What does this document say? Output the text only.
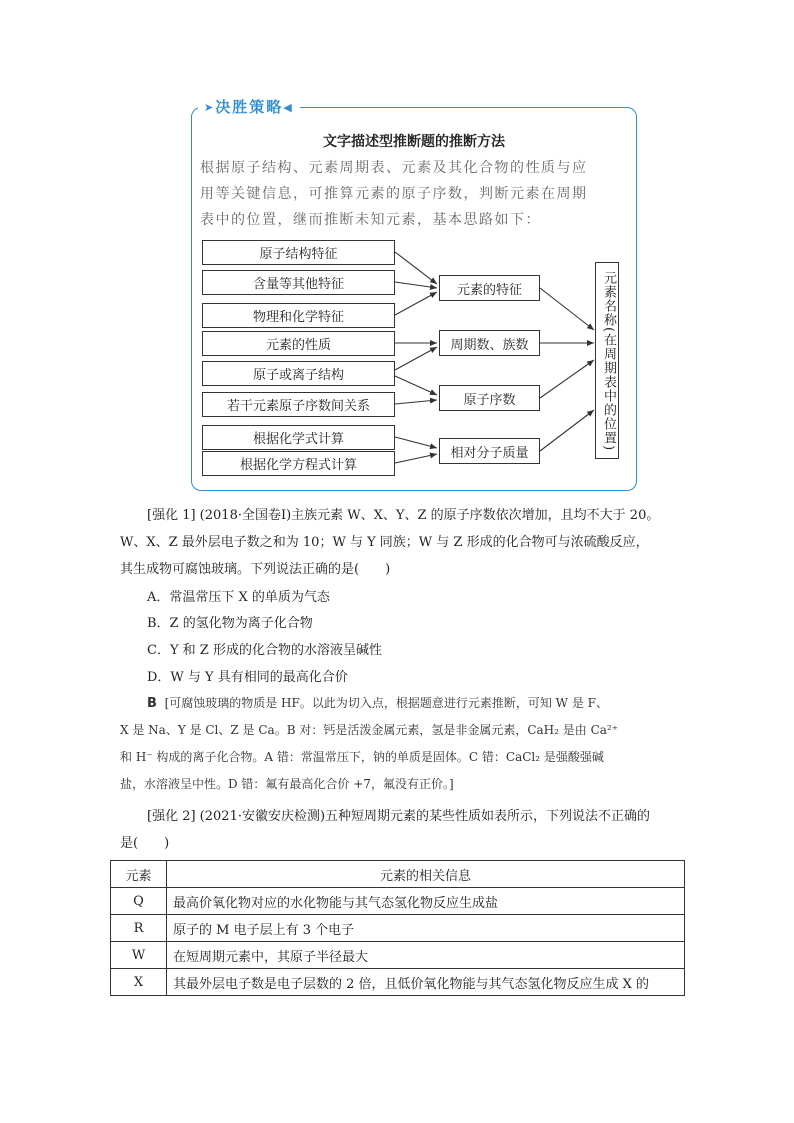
➤决胜策略◀
文字描述型推断题的推断方法
根据原子结构、元素周期表、元素及其化合物的性质与应
用等关键信息，可推算元素的原子序数，判断元素在周期
表中的位置，继而推断未知元素，基本思路如下：
原子结构特征
含量等其他特征
物理和化学特征
元素的性质
原子或离子结构
若干元素原子序数间关系
根据化学式计算
根据化学方程式计算
元素的特征
周期数、族数
原子序数
相对分子质量
元素名称(在周期表中的位置)
[强化 1] (2018·全国卷Ⅰ)主族元素 W、X、Y、Z 的原子序数依次增加，且均不大于 20。
W、X、Z 最外层电子数之和为 10；W 与 Y 同族；W 与 Z 形成的化合物可与浓硫酸反应，
其生成物可腐蚀玻璃。下列说法正确的是(　　)
A．常温常压下 X 的单质为气态
B．Z 的氢化物为离子化合物
C．Y 和 Z 形成的化合物的水溶液呈碱性
D．W 与 Y 具有相同的最高化合价
B [可腐蚀玻璃的物质是 HF。以此为切入点，根据题意进行元素推断，可知 W 是 F、
X 是 Na、Y 是 Cl、Z 是 Ca。B 对：钙是活泼金属元素，氢是非金属元素，CaH₂ 是由 Ca²⁺
和 H⁻ 构成的离子化合物。A 错：常温常压下，钠的单质是固体。C 错：CaCl₂ 是强酸强碱
盐，水溶液呈中性。D 错：氟有最高化合价 +7，氟没有正价。]
[强化 2] (2021·安徽安庆检测)五种短周期元素的某些性质如表所示，下列说法不正确的
是(　　)
元素	元素的相关信息
Q	最高价氧化物对应的水化物能与其气态氢化物反应生成盐
R	原子的 M 电子层上有 3 个电子
W	在短周期元素中，其原子半径最大
X	其最外层电子数是电子层数的 2 倍，且低价氧化物能与其气态氢化物反应生成 X 的
